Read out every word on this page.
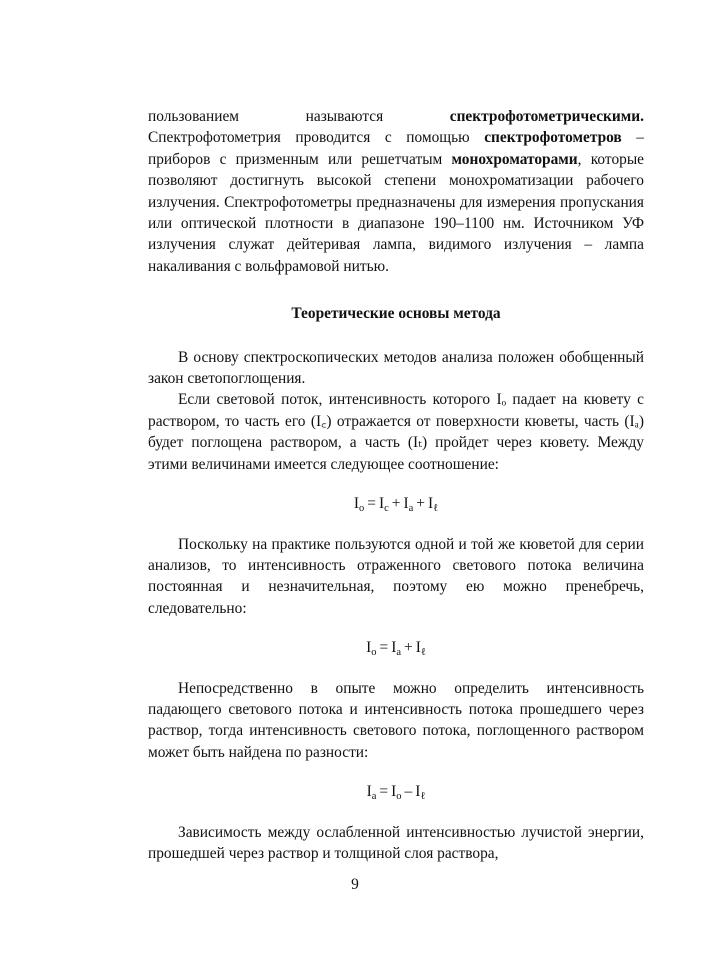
пользованием называются спектрофотометрическими. Спектрофотометрия проводится с помощью спектрофотометров – приборов с призменным или решетчатым монохроматорами, которые позволяют достигнуть высокой степени монохроматизации рабочего излучения. Спектрофотометры предназначены для измерения пропускания или оптической плотности в диапазоне 190–1100 нм. Источником УФ излучения служат дейтеривая лампа, видимого излучения – лампа накаливания с вольфрамовой нитью.

Теоретические основы метода

В основу спектроскопических методов анализа положен обобщенный закон светопоглощения.

Если световой поток, интенсивность которого Iₒ падает на кювету с раствором, то часть его (I꜀) отражается от поверхности кюветы, часть (Iₐ) будет поглощена раствором, а часть (Iₜ) пройдет через кювету. Между этими величинами имеется следующее соотношение:

$I_o = I_c + I_a + I_\ell$

Поскольку на практике пользуются одной и той же кюветой для серии анализов, то интенсивность отраженного светового потока величина постоянная и незначительная, поэтому ею можно пренебречь, следовательно:

$I_o = I_a + I_\ell$

Непосредственно в опыте можно определить интенсивность падающего светового потока и интенсивность потока прошедшего через раствор, тогда интенсивность светового потока, поглощенного раствором может быть найдена по разности:

$I_a = I_o - I_\ell$

Зависимость между ослабленной интенсивностью лучистой энергии, прошедшей через раствор и толщиной слоя раствора,

9
